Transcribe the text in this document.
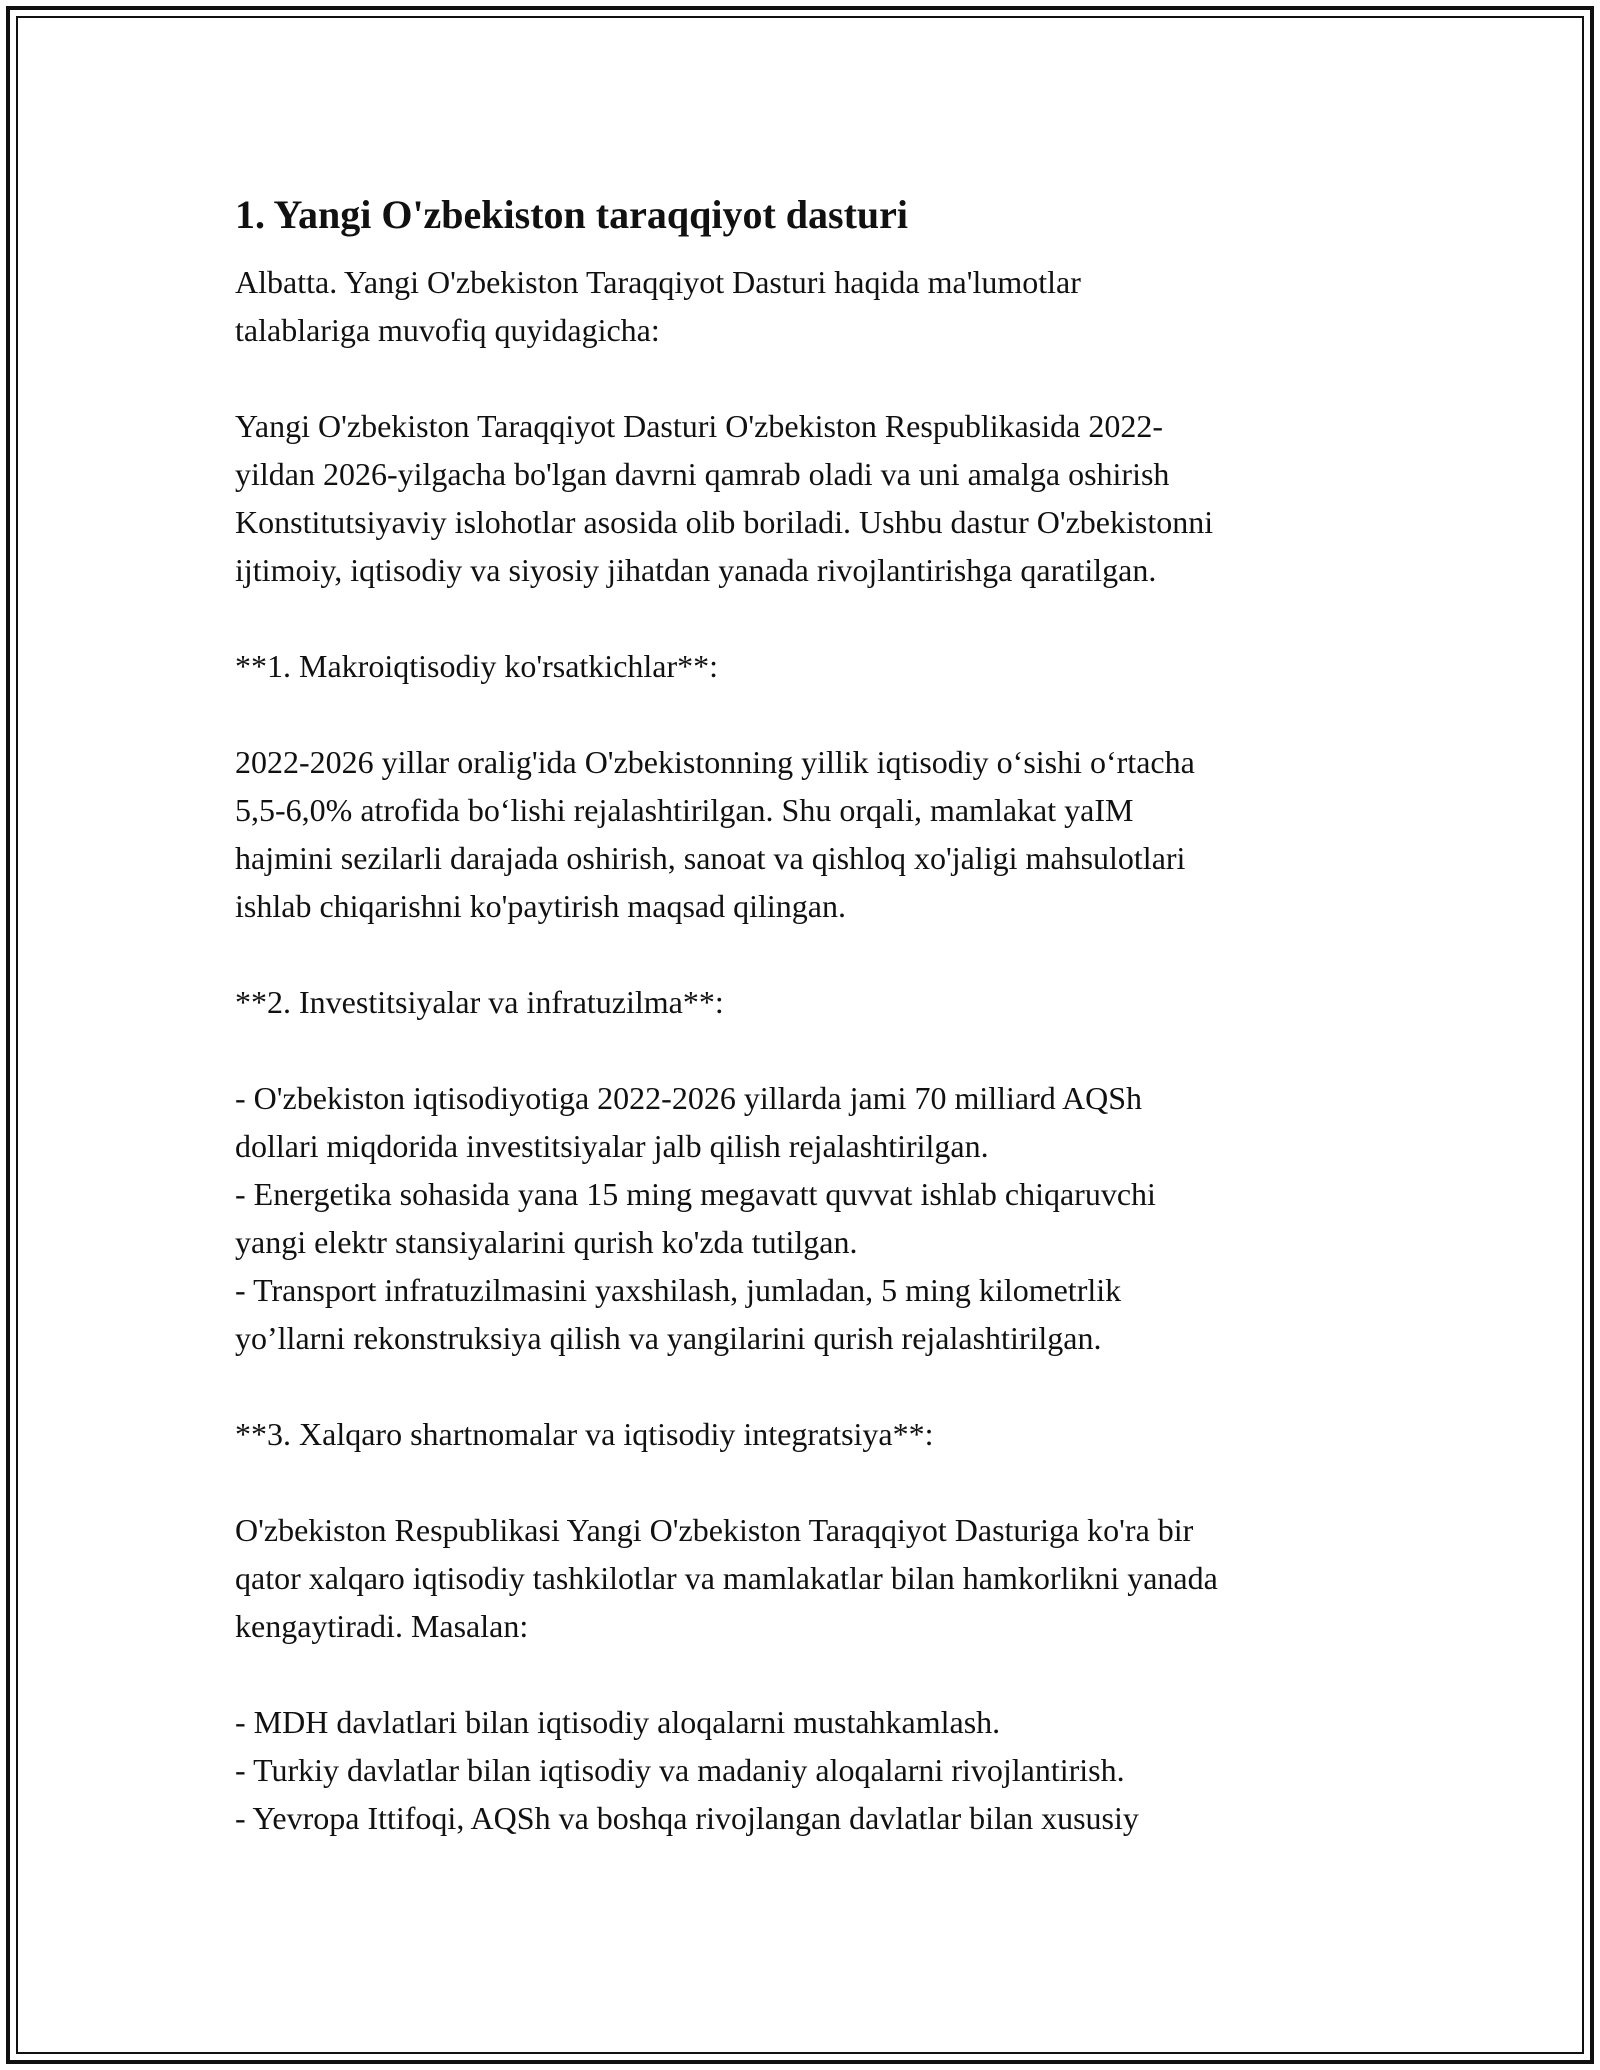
1. Yangi O'zbekiston taraqqiyot dasturi

Albatta. Yangi O'zbekiston Taraqqiyot Dasturi haqida ma'lumotlar
talablariga muvofiq quyidagicha:

Yangi O'zbekiston Taraqqiyot Dasturi O'zbekiston Respublikasida 2022-
yildan 2026-yilgacha bo'lgan davrni qamrab oladi va uni amalga oshirish
Konstitutsiyaviy islohotlar asosida olib boriladi. Ushbu dastur O'zbekistonni
ijtimoiy, iqtisodiy va siyosiy jihatdan yanada rivojlantirishga qaratilgan.

**1. Makroiqtisodiy ko'rsatkichlar**:

2022-2026 yillar oralig'ida O'zbekistonning yillik iqtisodiy o‘sishi o‘rtacha
5,5-6,0% atrofida bo‘lishi rejalashtirilgan. Shu orqali, mamlakat yaIM
hajmini sezilarli darajada oshirish, sanoat va qishloq xo'jaligi mahsulotlari
ishlab chiqarishni ko'paytirish maqsad qilingan.

**2. Investitsiyalar va infratuzilma**:

- O'zbekiston iqtisodiyotiga 2022-2026 yillarda jami 70 milliard AQSh
dollari miqdorida investitsiyalar jalb qilish rejalashtirilgan.
- Energetika sohasida yana 15 ming megavatt quvvat ishlab chiqaruvchi
yangi elektr stansiyalarini qurish ko'zda tutilgan.
- Transport infratuzilmasini yaxshilash, jumladan, 5 ming kilometrlik
yo’llarni rekonstruksiya qilish va yangilarini qurish rejalashtirilgan.

**3. Xalqaro shartnomalar va iqtisodiy integratsiya**:

O'zbekiston Respublikasi Yangi O'zbekiston Taraqqiyot Dasturiga ko'ra bir
qator xalqaro iqtisodiy tashkilotlar va mamlakatlar bilan hamkorlikni yanada
kengaytiradi. Masalan:

- MDH davlatlari bilan iqtisodiy aloqalarni mustahkamlash.
- Turkiy davlatlar bilan iqtisodiy va madaniy aloqalarni rivojlantirish.
- Yevropa Ittifoqi, AQSh va boshqa rivojlangan davlatlar bilan xususiy
